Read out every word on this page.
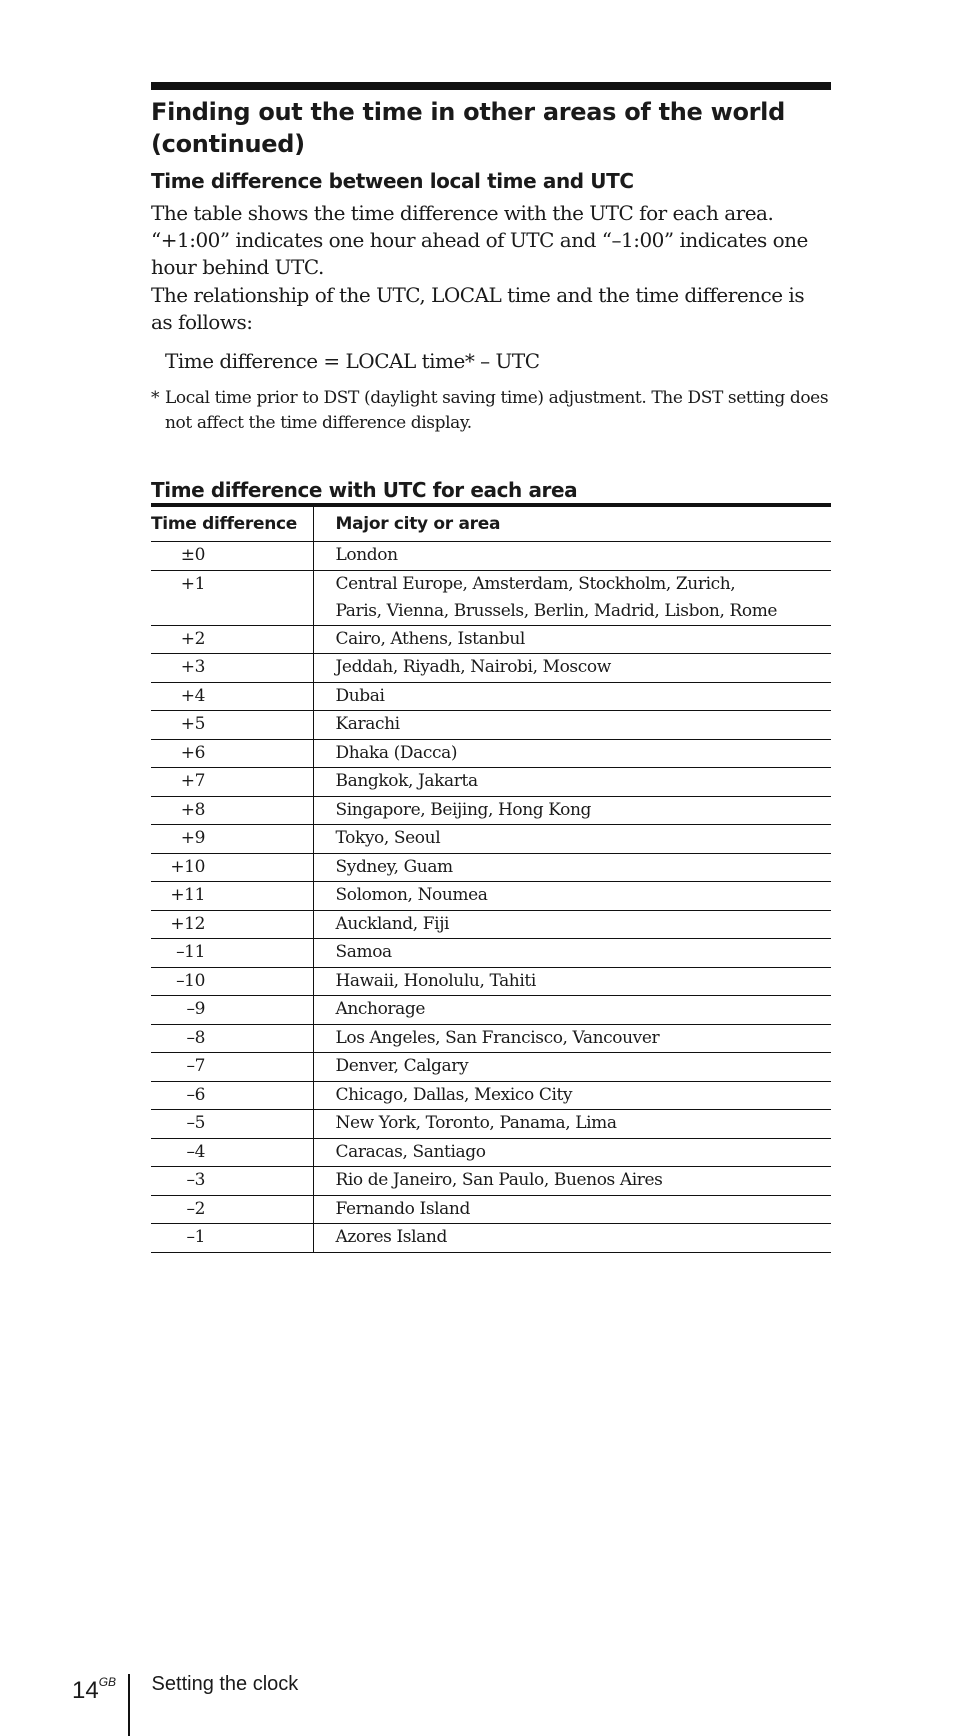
Finding out the time in other areas of the world (continued)
Time difference between local time and UTC

The table shows the time difference with the UTC for each area. “+1:00” indicates one hour ahead of UTC and “–1:00” indicates one hour behind UTC.

The relationship of the UTC, LOCAL time and the time difference is as follows:

Time difference = LOCAL time* – UTC

* Local time prior to DST (daylight saving time) adjustment. The DST setting does not affect the time difference display.
Time difference with UTC for each area
Time difference	Major city or area
±0	London

+1	Central Europe, Amsterdam, Stockholm, Zurich,
Paris, Vienna, Brussels, Berlin, Madrid, Lisbon, Rome

+2	Cairo, Athens, Istanbul

+3	Jeddah, Riyadh, Nairobi, Moscow

+4	Dubai

+5	Karachi

+6	Dhaka (Dacca)

+7	Bangkok, Jakarta

+8	Singapore, Beijing, Hong Kong

+9	Tokyo, Seoul

+10	Sydney, Guam

+11	Solomon, Noumea

+12	Auckland, Fiji

–11	Samoa

–10	Hawaii, Honolulu, Tahiti

–9	Anchorage

–8	Los Angeles, San Francisco, Vancouver

–7	Denver, Calgary

–6	Chicago, Dallas, Mexico City

–5	New York, Toronto, Panama, Lima

–4	Caracas, Santiago

–3	Rio de Janeiro, San Paulo, Buenos Aires

–2	Fernando Island

–1	Azores Island
$14^{GB}$	Setting the clock
